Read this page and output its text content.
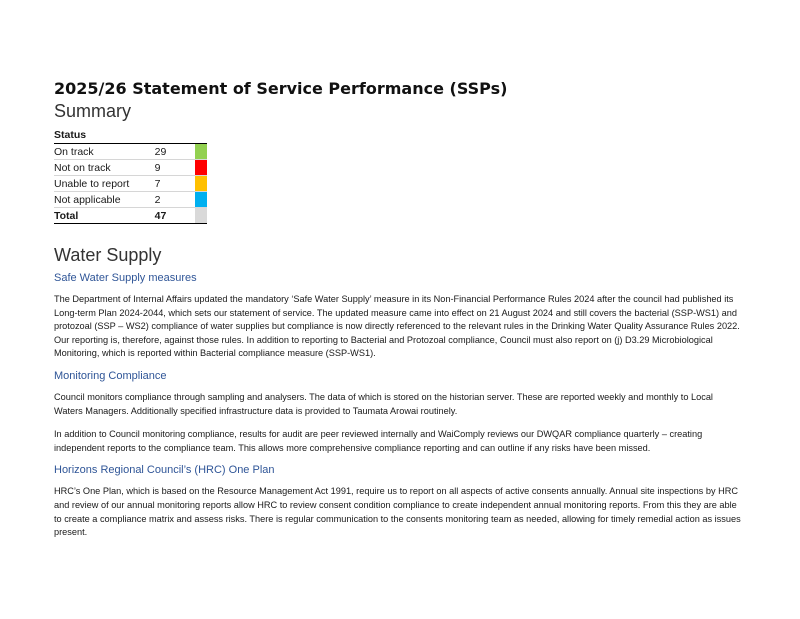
2025/26 Statement of Service Performance (SSPs)
Summary
Status		
On track	29	

Not on track	9	

Unable to report	7	

Not applicable	2	

Total	47	
Water Supply
Safe Water Supply measures

The Department of Internal Affairs updated the mandatory ‘Safe Water Supply’ measure in its Non-Financial Performance Rules 2024 after the council had published its Long-term Plan 2024-2044, which sets our statement of service. The updated measure came into effect on 21 August 2024 and still covers the bacterial (SSP-WS1) and protozoal (SSP – WS2) compliance of water supplies but compliance is now directly referenced to the relevant rules in the Drinking Water Quality Assurance Rules 2022. Our reporting is, therefore, against those rules. In addition to reporting to Bacterial and Protozoal compliance, Council must also report on (j) D3.29 Microbiological Monitoring, which is reported within Bacterial compliance measure (SSP-WS1).

Monitoring Compliance

Council monitors compliance through sampling and analysers. The data of which is stored on the historian server. These are reported weekly and monthly to Local Waters Managers. Additionally specified infrastructure data is provided to Taumata Arowai routinely.

In addition to Council monitoring compliance, results for audit are peer reviewed internally and WaiComply reviews our DWQAR compliance quarterly – creating independent reports to the compliance team. This allows more comprehensive compliance reporting and can outline if any risks have been missed.

Horizons Regional Council’s (HRC) One Plan

HRC’s One Plan, which is based on the Resource Management Act 1991, require us to report on all aspects of active consents annually. Annual site inspections by HRC and review of our annual monitoring reports allow HRC to review consent condition compliance to create independent annual monitoring reports. From this they are able to create a compliance matrix and assess risks. There is regular communication to the consents monitoring team as needed, allowing for timely remedial action as issues present.
